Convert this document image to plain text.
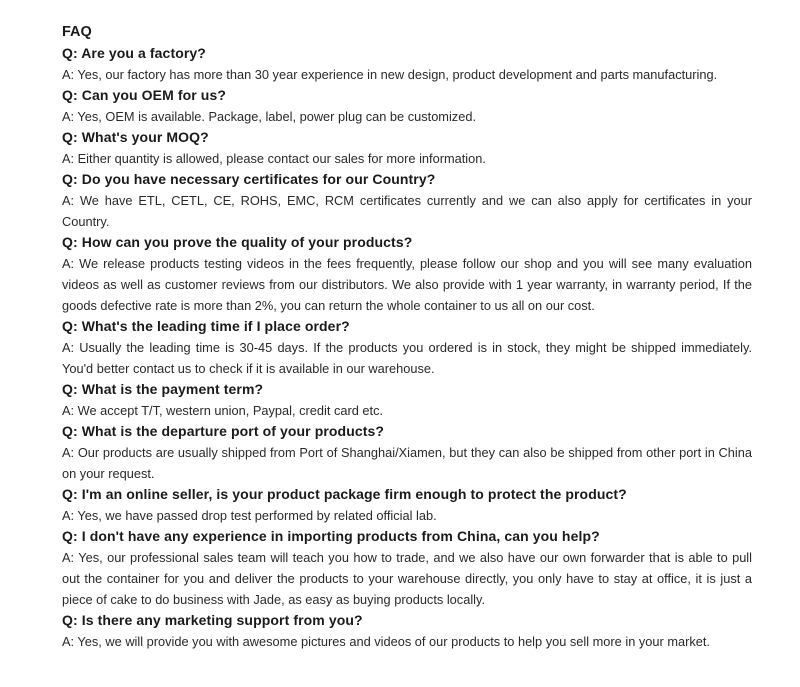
FAQ

Q: Are you a factory?

A: Yes, our factory has more than 30 year experience in new design, product development and parts manufacturing.

Q: Can you OEM for us?

A: Yes, OEM is available. Package, label, power plug can be customized.

Q: What's your MOQ?

A: Either quantity is allowed, please contact our sales for more information.

Q: Do you have necessary certificates for our Country?

A: We have ETL, CETL, CE, ROHS, EMC, RCM certificates currently and we can also apply for certificates in your Country.

Q: How can you prove the quality of your products?

A: We release products testing videos in the fees frequently, please follow our shop and you will see many evaluation videos as well as customer reviews from our distributors. We also provide with 1 year warranty, in warranty period, If the goods defective rate is more than 2%, you can return the whole container to us all on our cost.

Q: What's the leading time if I place order?

A: Usually the leading time is 30-45 days. If the products you ordered is in stock, they might be shipped immediately. You'd better contact us to check if it is available in our warehouse.

Q: What is the payment term?

A: We accept T/T, western union, Paypal, credit card etc.

Q: What is the departure port of your products?

A: Our products are usually shipped from Port of Shanghai/Xiamen, but they can also be shipped from other port in China on your request.

Q: I'm an online seller, is your product package firm enough to protect the product?

A: Yes, we have passed drop test performed by related official lab.

Q: I don't have any experience in importing products from China, can you help?

A: Yes, our professional sales team will teach you how to trade, and we also have our own forwarder that is able to pull out the container for you and deliver the products to your warehouse directly, you only have to stay at office, it is just a piece of cake to do business with Jade, as easy as buying products locally.

Q: Is there any marketing support from you?

A: Yes, we will provide you with awesome pictures and videos of our products to help you sell more in your market.
